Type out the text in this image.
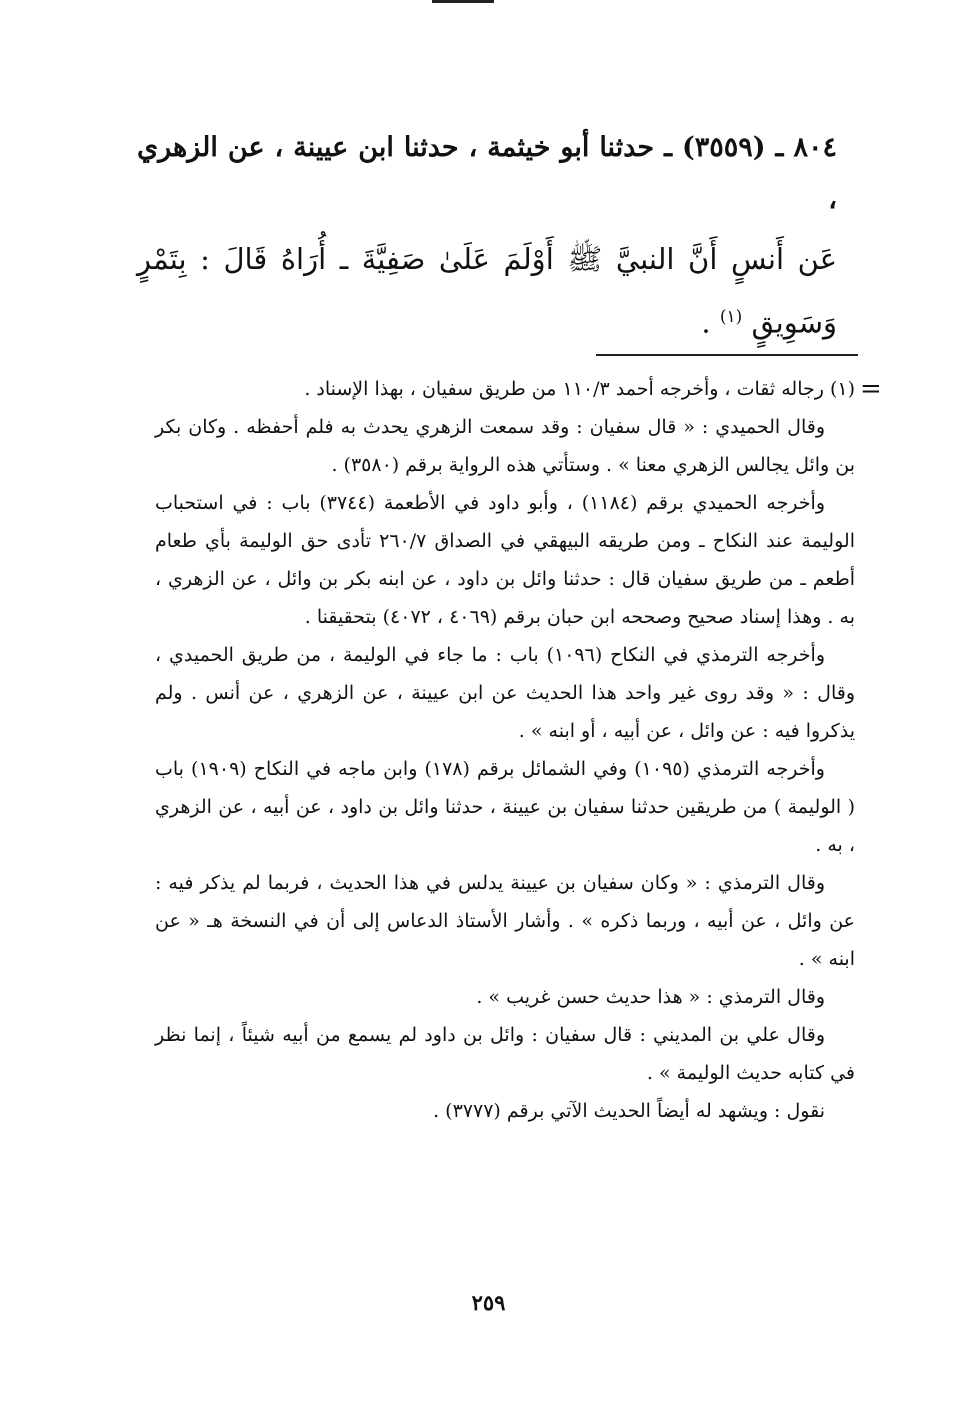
٨٠٤ ـ (٣٥٥٩) ـ حدثنا أبو خيثمة ، حدثنا ابن عيينة ، عن الزهري ،

عَن أَنسٍ أَنَّ النبيَّ ﷺ أَوْلَمَ عَلَىٰ صَفِيَّةَ ـ أُرَاهُ قَالَ : بِتَمْرٍ وَسَوِيقٍ $^{(١)}$ .

=

(١) رجاله ثقات ، وأخرجه أحمد ١١٠/٣ من طريق سفيان ، بهذا الإسناد .

وقال الحميدي : « قال سفيان : وقد سمعت الزهري يحدث به فلم أحفظه . وكان بكر بن وائل يجالس الزهري معنا » . وستأتي هذه الرواية برقم (٣٥٨٠) .

وأخرجه الحميدي برقم (١١٨٤) ، وأبو داود في الأطعمة (٣٧٤٤) باب : في استحباب الوليمة عند النكاح ـ ومن طريقه البيهقي في الصداق ٢٦٠/٧ تأدى حق الوليمة بأي طعام أطعم ـ من طريق سفيان قال : حدثنا وائل بن داود ، عن ابنه بكر بن وائل ، عن الزهري ، به . وهذا إسناد صحيح وصححه ابن حبان برقم (٤٠٦٩ ، ٤٠٧٢) بتحقيقنا .

وأخرجه الترمذي في النكاح (١٠٩٦) باب : ما جاء في الوليمة ، من طريق الحميدي ، وقال : « وقد روى غير واحد هذا الحديث عن ابن عيينة ، عن الزهري ، عن أنس . ولم يذكروا فيه : عن وائل ، عن أبيه ، أو ابنه » .

وأخرجه الترمذي (١٠٩٥) وفي الشمائل برقم (١٧٨) وابن ماجه في النكاح (١٩٠٩) باب ( الوليمة ) من طريقين حدثنا سفيان بن عيينة ، حدثنا وائل بن داود ، عن أبيه ، عن الزهري ، به .

وقال الترمذي : « وكان سفيان بن عيينة يدلس في هذا الحديث ، فربما لم يذكر فيه : عن وائل ، عن أبيه ، وربما ذكره » . وأشار الأستاذ الدعاس إلى أن في النسخة هـ « عن ابنه » .

وقال الترمذي : « هذا حديث حسن غريب » .

وقال علي بن المديني : قال سفيان : وائل بن داود لم يسمع من أبيه شيئاً ، إنما نظر في كتابه حديث الوليمة » .

نقول : ويشهد له أيضاً الحديث الآتي برقم (٣٧٧٧) .

٢٥٩
